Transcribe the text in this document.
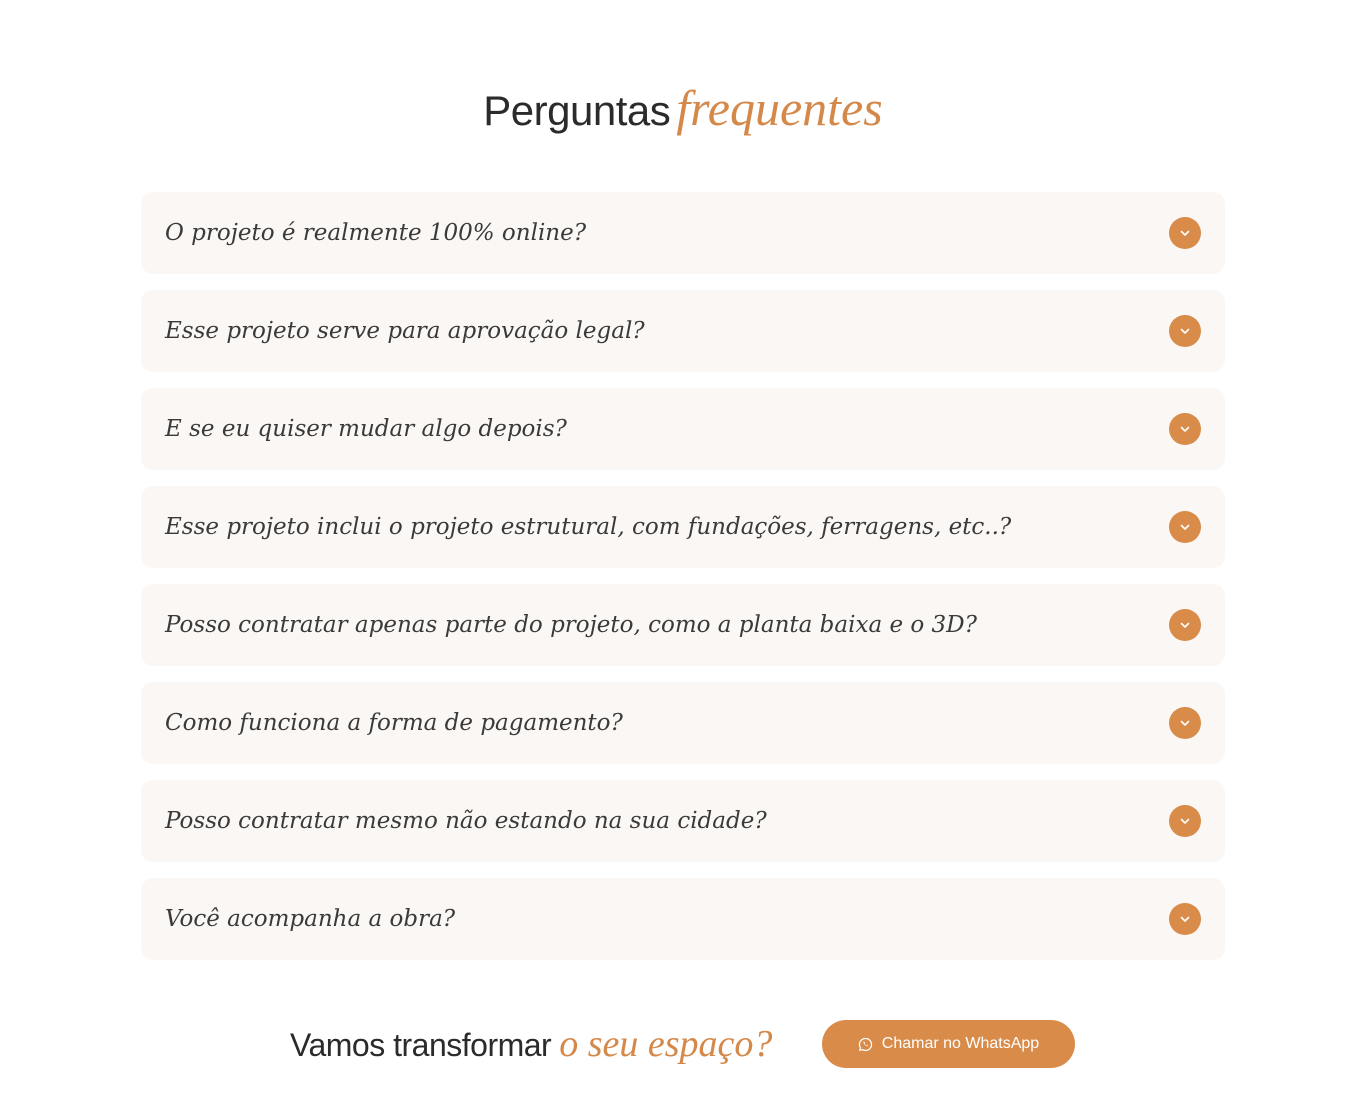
Perguntas frequentes
O projeto é realmente 100% online?
Esse projeto serve para aprovação legal?
E se eu quiser mudar algo depois?
Esse projeto inclui o projeto estrutural, com fundações, ferragens, etc..?
Posso contratar apenas parte do projeto, como a planta baixa e o 3D?
Como funciona a forma de pagamento?
Posso contratar mesmo não estando na sua cidade?
Você acompanha a obra?
Vamos transformar o seu espaço?	Chamar no WhatsApp
